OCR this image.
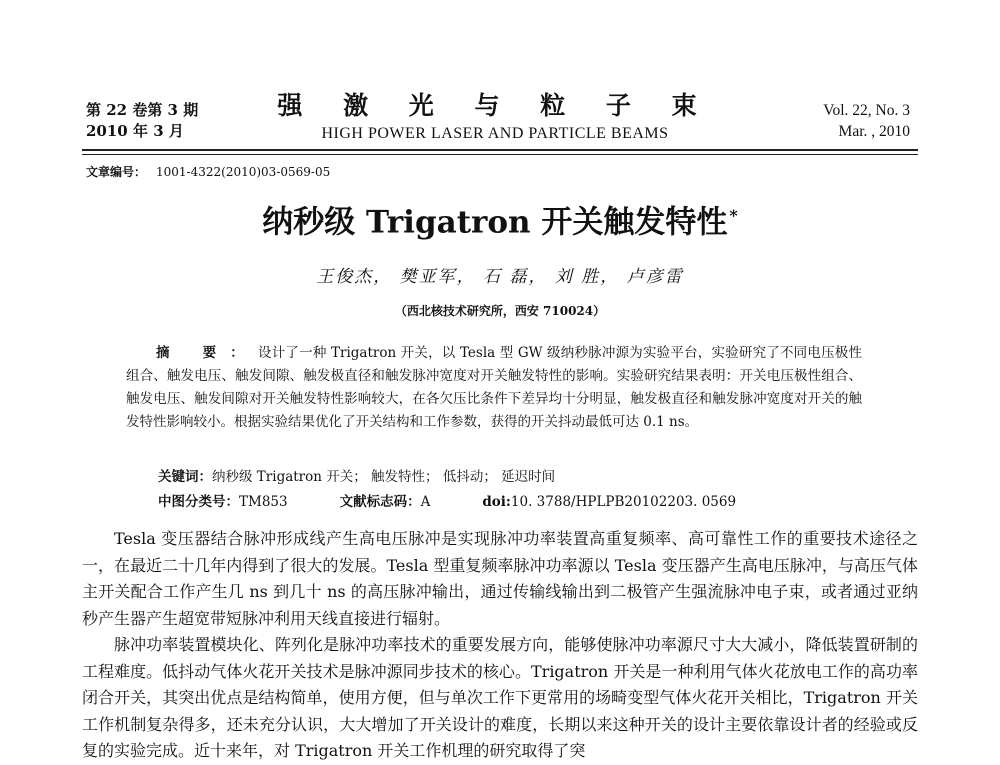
第 22 卷第 3 期
2010 年 3 月
强 激 光 与 粒 子 束
HIGH POWER LASER AND PARTICLE BEAMS
Vol. 22, No. 3
Mar. , 2010
文章编号： 1001-4322(2010)03-0569-05
纳秒级 Trigatron 开关触发特性 *
王俊杰， 樊亚军， 石 磊， 刘 胜， 卢彦雷
（西北核技术研究所，西安 710024）
摘 要：设计了一种 Trigatron 开关，以 Tesla 型 GW 级纳秒脉冲源为实验平台，实验研究了不同电压极性组合、触发电压、触发间隙、触发极直径和触发脉冲宽度对开关触发特性的影响。实验研究结果表明：开关电压极性组合、触发电压、触发间隙对开关触发特性影响较大，在各欠压比条件下差异均十分明显，触发极直径和触发脉冲宽度对开关的触发特性影响较小。根据实验结果优化了开关结构和工作参数，获得的开关抖动最低可达 0.1 ns。
关键词：纳秒级 Trigatron 开关； 触发特性； 低抖动； 延迟时间
中图分类号：TM853	文献标志码：A	doi:10. 3788/HPLPB20102203. 0569

Tesla 变压器结合脉冲形成线产生高电压脉冲是实现脉冲功率装置高重复频率、高可靠性工作的重要技术途径之一，在最近二十几年内得到了很大的发展。Tesla 型重复频率脉冲功率源以 Tesla 变压器产生高电压脉冲，与高压气体主开关配合工作产生几 ns 到几十 ns 的高压脉冲输出，通过传输线输出到二极管产生强流脉冲电子束，或者通过亚纳秒产生器产生超宽带短脉冲利用天线直接进行辐射。

脉冲功率装置模块化、阵列化是脉冲功率技术的重要发展方向，能够使脉冲功率源尺寸大大减小，降低装置研制的工程难度。低抖动气体火花开关技术是脉冲源同步技术的核心。Trigatron 开关是一种利用气体火花放电工作的高功率闭合开关，其突出优点是结构简单，使用方便，但与单次工作下更常用的场畸变型气体火花开关相比，Trigatron 开关工作机制复杂得多，还未充分认识，大大增加了开关设计的难度，长期以来这种开关的设计主要依靠设计者的经验或反复的实验完成。近十来年，对 Trigatron 开关工作机理的研究取得了突
